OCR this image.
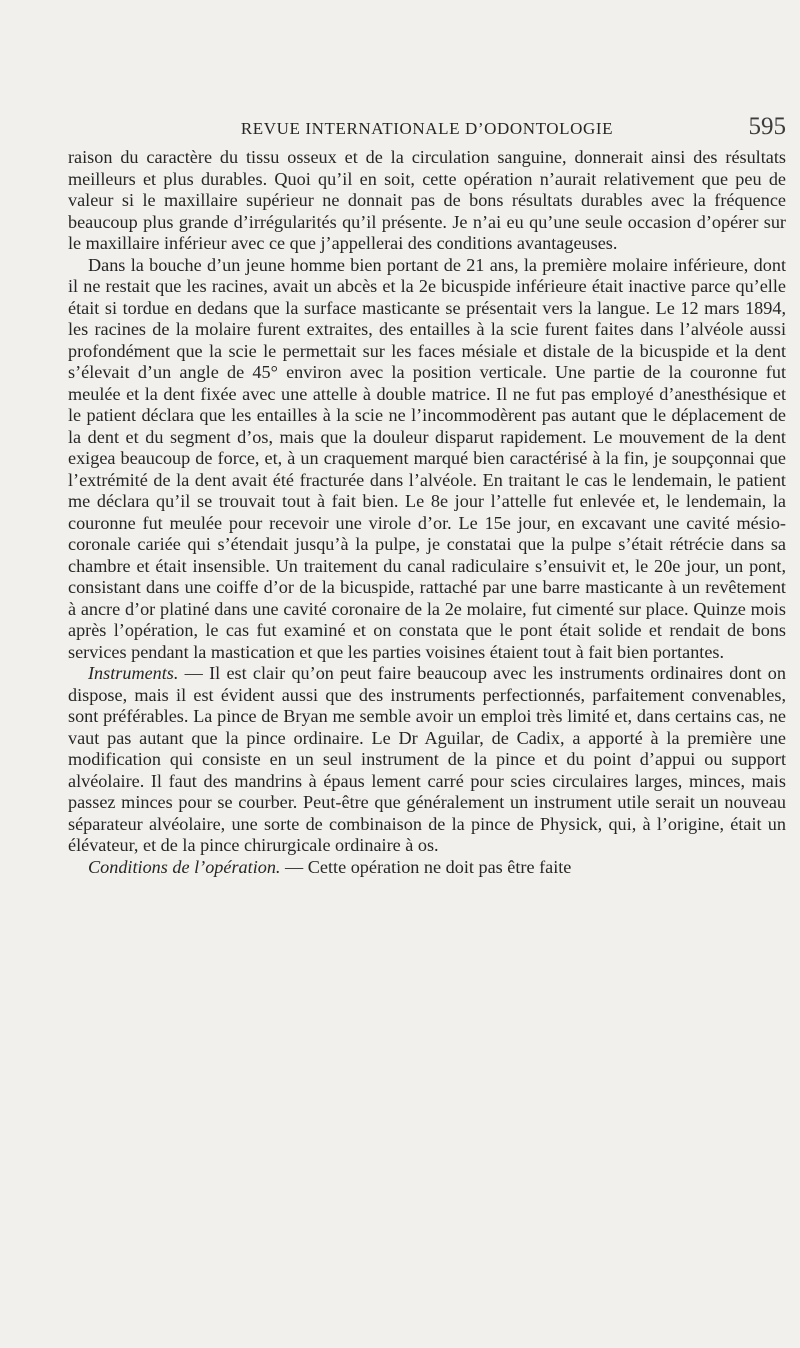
REVUE INTERNATIONALE D’ODONTOLOGIE	595

raison du caractère du tissu osseux et de la circulation sanguine, donnerait ainsi des résultats meilleurs et plus durables. Quoi qu’il en soit, cette opération n’aurait relativement que peu de valeur si le maxillaire supérieur ne donnait pas de bons résultats durables avec la fréquence beaucoup plus grande d’irrégularités qu’il présente. Je n’ai eu qu’une seule occasion d’opérer sur le maxillaire inférieur avec ce que j’appellerai des conditions avantageuses.

Dans la bouche d’un jeune homme bien portant de 21 ans, la première molaire inférieure, dont il ne restait que les racines, avait un abcès et la 2e bicuspide inférieure était inactive parce qu’elle était si tordue en dedans que la surface masticante se présentait vers la langue. Le 12 mars 1894, les racines de la molaire furent extraites, des entailles à la scie furent faites dans l’alvéole aussi profondément que la scie le permettait sur les faces mésiale et distale de la bicuspide et la dent s’élevait d’un angle de 45° environ avec la position verticale. Une partie de la couronne fut meulée et la dent fixée avec une attelle à double matrice. Il ne fut pas employé d’anesthésique et le patient déclara que les entailles à la scie ne l’incommodèrent pas autant que le déplacement de la dent et du segment d’os, mais que la douleur disparut rapidement. Le mouvement de la dent exigea beaucoup de force, et, à un craquement marqué bien caractérisé à la fin, je soupçonnai que l’extrémité de la dent avait été fracturée dans l’alvéole. En traitant le cas le lendemain, le patient me déclara qu’il se trouvait tout à fait bien. Le 8e jour l’attelle fut enlevée et, le lendemain, la couronne fut meulée pour recevoir une virole d’or. Le 15e jour, en excavant une cavité mésio-coronale cariée qui s’étendait jusqu’à la pulpe, je constatai que la pulpe s’était rétrécie dans sa chambre et était insensible. Un traitement du canal radiculaire s’ensuivit et, le 20e jour, un pont, consistant dans une coiffe d’or de la bicuspide, rattaché par une barre masticante à un revêtement à ancre d’or platiné dans une cavité coronaire de la 2e molaire, fut cimenté sur place. Quinze mois après l’opération, le cas fut examiné et on constata que le pont était solide et rendait de bons services pendant la mastication et que les parties voisines étaient tout à fait bien portantes.

Instruments. — Il est clair qu’on peut faire beaucoup avec les instruments ordinaires dont on dispose, mais il est évident aussi que des instruments perfectionnés, parfaitement convenables, sont préférables. La pince de Bryan me semble avoir un emploi très limité et, dans certains cas, ne vaut pas autant que la pince ordinaire. Le Dr Aguilar, de Cadix, a apporté à la première une modification qui consiste en un seul instrument de la pince et du point d’appui ou support alvéolaire. Il faut des mandrins à épaus lement carré pour scies circulaires larges, minces, mais passez minces pour se courber. Peut-être que généralement un instrument utile serait un nouveau séparateur alvéolaire, une sorte de combinaison de la pince de Physick, qui, à l’origine, était un élévateur, et de la pince chirurgicale ordinaire à os.

Conditions de l’opération. — Cette opération ne doit pas être faite
